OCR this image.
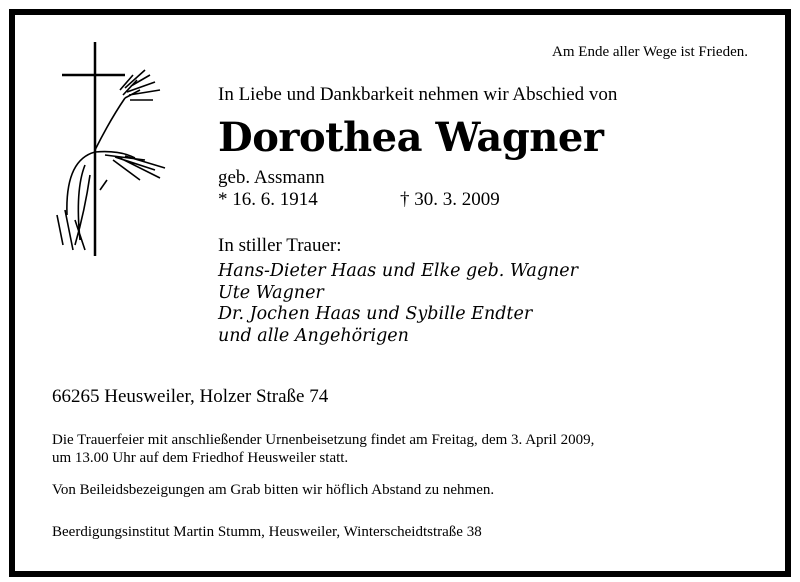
Am Ende aller Wege ist Frieden.
In Liebe und Dankbarkeit nehmen wir Abschied von
Dorothea Wagner
geb. Assmann
* 16. 6. 1914	† 30. 3. 2009
In stiller Trauer:
Hans-Dieter Haas und Elke geb. Wagner
Ute Wagner
Dr. Jochen Haas und Sybille Endter
und alle Angehörigen
66265 Heusweiler, Holzer Straße 74
Die Trauerfeier mit anschließender Urnenbeisetzung findet am Freitag, dem 3. April 2009,
um 13.00 Uhr auf dem Friedhof Heusweiler statt.
Von Beileidsbezeigungen am Grab bitten wir höflich Abstand zu nehmen.
Beerdigungsinstitut Martin Stumm, Heusweiler, Winterscheidtstraße 38
